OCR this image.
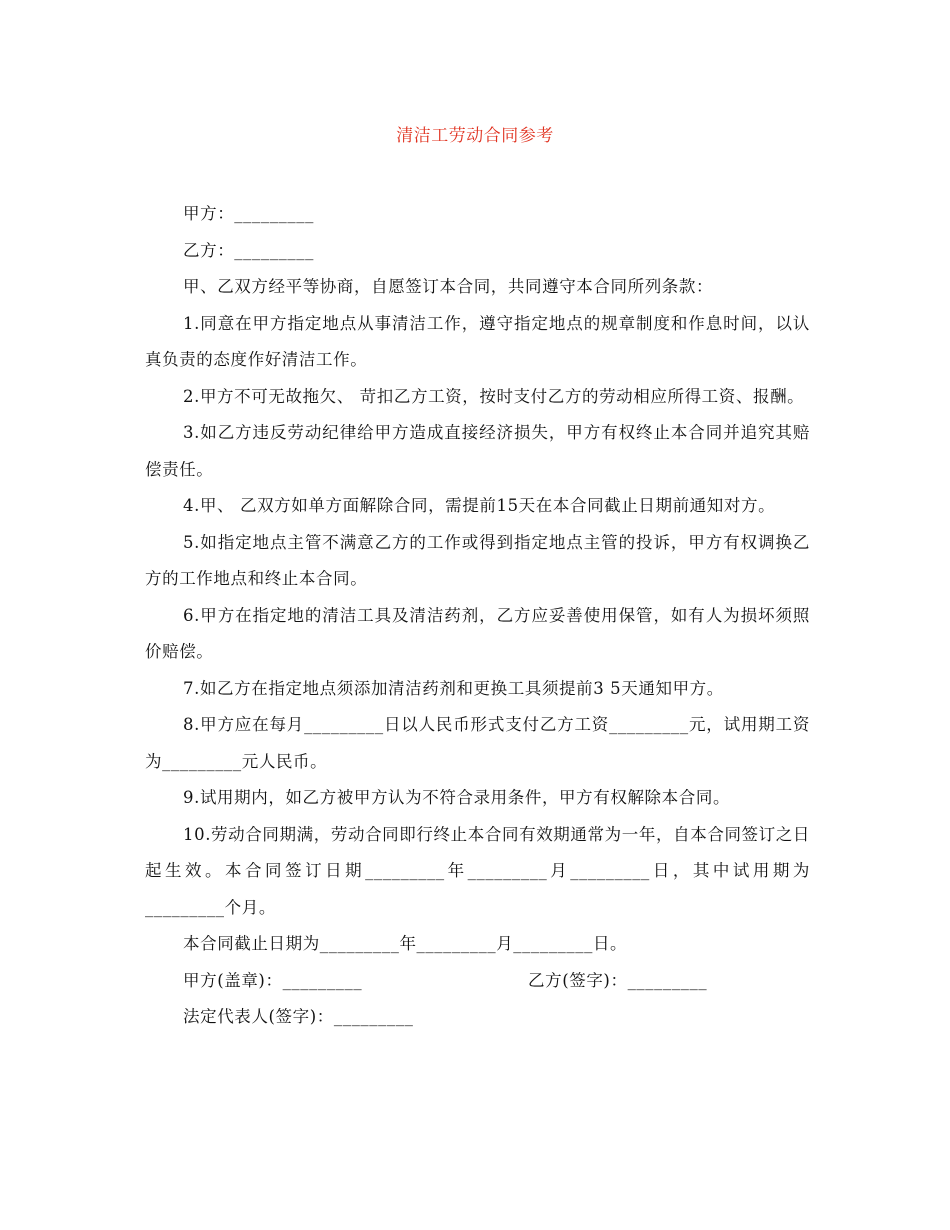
清洁工劳动合同参考

甲方：_________

乙方：_________

甲、乙双方经平等协商，自愿签订本合同，共同遵守本合同所列条款：

1.同意在甲方指定地点从事清洁工作，遵守指定地点的规章制度和作息时间，以认真负责的态度作好清洁工作。

2.甲方不可无故拖欠、 苛扣乙方工资，按时支付乙方的劳动相应所得工资、报酬。

3.如乙方违反劳动纪律给甲方造成直接经济损失，甲方有权终止本合同并追究其赔偿责任。

4.甲、 乙双方如单方面解除合同，需提前15天在本合同截止日期前通知对方。

5.如指定地点主管不满意乙方的工作或得到指定地点主管的投诉，甲方有权调换乙方的工作地点和终止本合同。

6.甲方在指定地的清洁工具及清洁药剂，乙方应妥善使用保管，如有人为损坏须照价赔偿。

7.如乙方在指定地点须添加清洁药剂和更换工具须提前3 5天通知甲方。

8.甲方应在每月_________日以人民币形式支付乙方工资_________元，试用期工资为_________元人民币。

9.试用期内，如乙方被甲方认为不符合录用条件，甲方有权解除本合同。

10.劳动合同期满，劳动合同即行终止本合同有效期通常为一年，自本合同签订之日起生效。本合同签订日期_________年_________月_________日，其中试用期为_________个月。

本合同截止日期为_________年_________月_________日。

甲方(盖章)：_________	乙方(签字)：_________

法定代表人(签字)：_________
